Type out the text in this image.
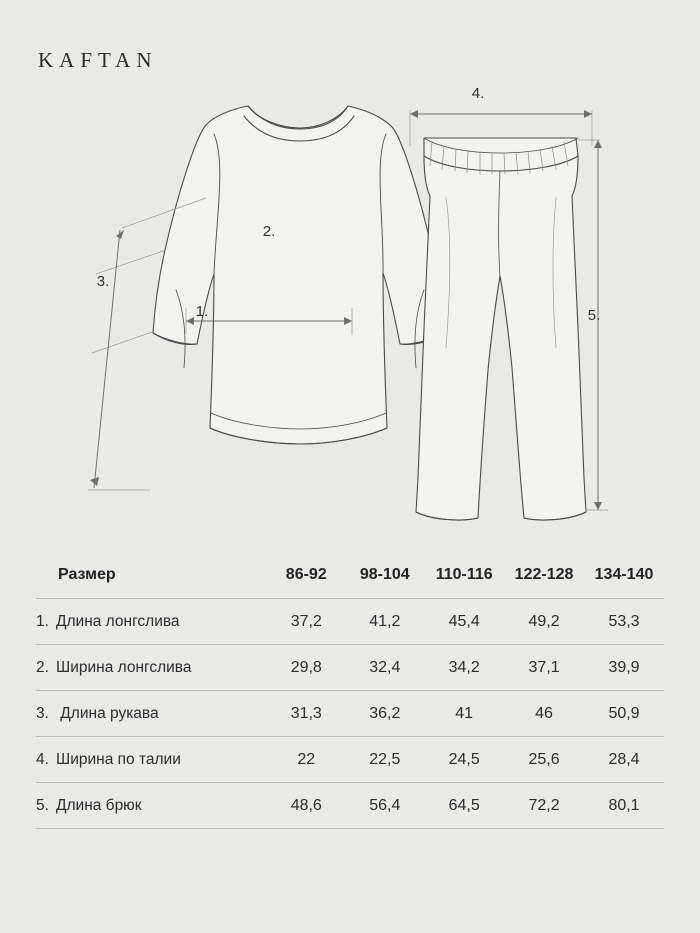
KAFTAN
1.
2.
3.
4.
5.
Размер	86-92	98-104	110-116	122-128	134-140
1. Длина лонгслива	37,2	41,2	45,4	49,2	53,3
2. Ширина лонгслива	29,8	32,4	34,2	37,1	39,9
3. Длина рукава	31,3	36,2	41	46	50,9
4. Ширина по талии	22	22,5	24,5	25,6	28,4
5. Длина брюк	48,6	56,4	64,5	72,2	80,1
